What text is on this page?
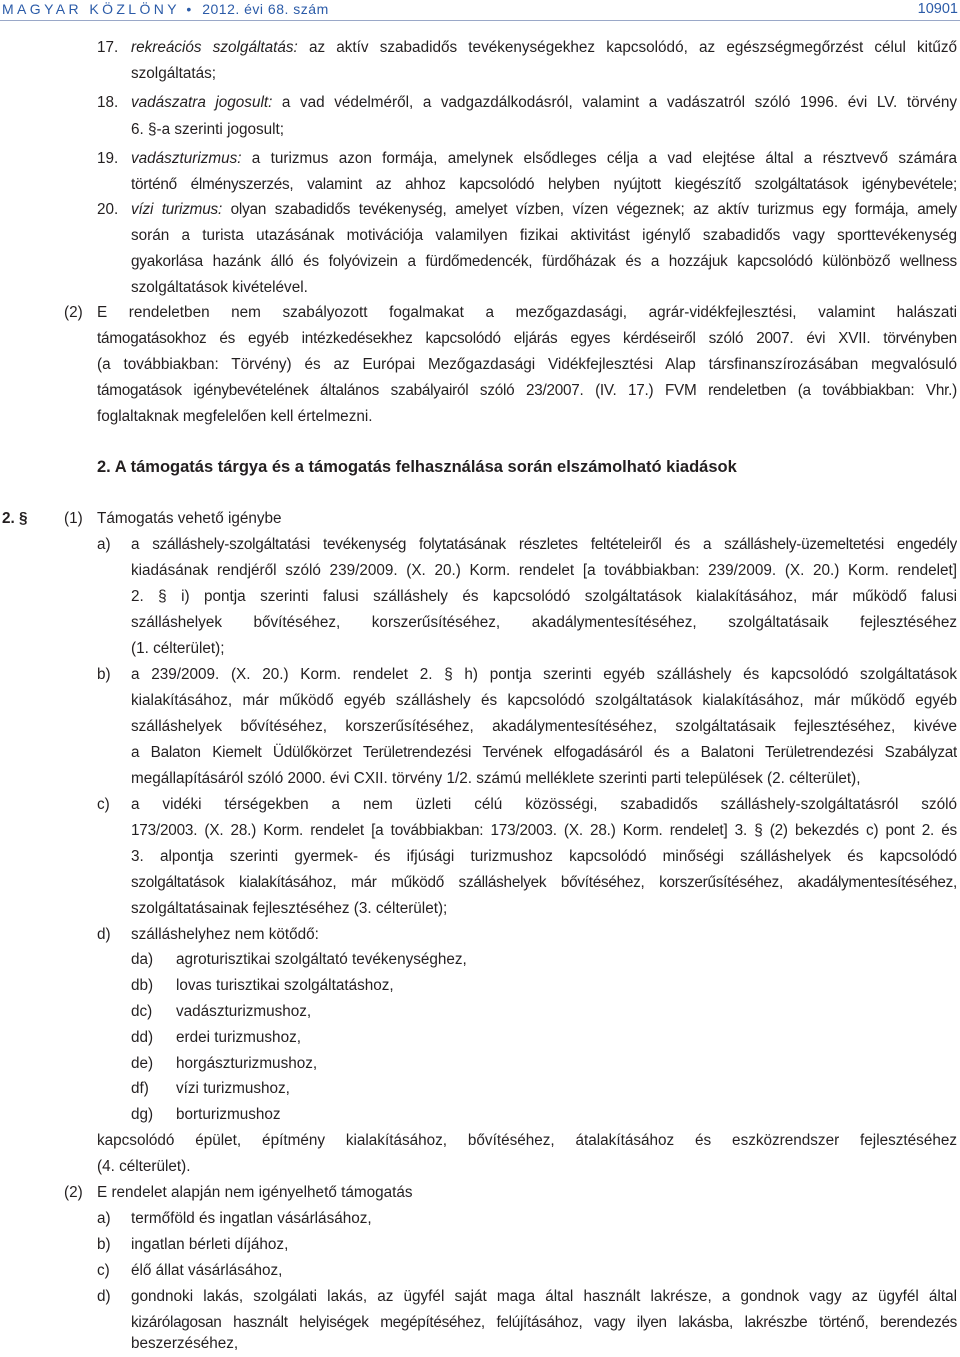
MAGYAR KÖZLÖNY • 2012. évi 68. szám	10901
17. rekreációs szolgáltatás: az aktív szabadidős tevékenységekhez kapcsolódó, az egészségmegőrzést célul kitűző
szolgáltatás;
18. vadászatra jogosult: a vad védelméről, a vadgazdálkodásról, valamint a vadászatról szóló 1996. évi LV. törvény
6. §-a szerinti jogosult;
19. vadászturizmus: a turizmus azon formája, amelynek elsődleges célja a vad elejtése által a résztvevő számára
történő élményszerzés, valamint az ahhoz kapcsolódó helyben nyújtott kiegészítő szolgáltatások igénybevétele;
20. vízi turizmus: olyan szabadidős tevékenység, amelyet vízben, vízen végeznek; az aktív turizmus egy formája, amely
során a turista utazásának motivációja valamilyen fizikai aktivitást igénylő szabadidős vagy sporttevékenység
gyakorlása hazánk álló és folyóvizein a fürdőmedencék, fürdőházak és a hozzájuk kapcsolódó különböző wellness
szolgáltatások kivételével.
(2) E rendeletben nem szabályozott fogalmakat a mezőgazdasági, agrár-vidékfejlesztési, valamint halászati
támogatásokhoz és egyéb intézkedésekhez kapcsolódó eljárás egyes kérdéseiről szóló 2007. évi XVII. törvényben
(a továbbiakban: Törvény) és az Európai Mezőgazdasági Vidékfejlesztési Alap társfinanszírozásában megvalósuló
támogatások igénybevételének általános szabályairól szóló 23/2007. (IV. 17.) FVM rendeletben (a továbbiakban: Vhr.)
foglaltaknak megfelelően kell értelmezni.
2. A támogatás tárgya és a támogatás felhasználása során elszámolható kiadások
2. § (1) Támogatás vehető igénybe
a) a szálláshely-szolgáltatási tevékenység folytatásának részletes feltételeiről és a szálláshely-üzemeltetési engedély
kiadásának rendjéről szóló 239/2009. (X. 20.) Korm. rendelet [a továbbiakban: 239/2009. (X. 20.) Korm. rendelet]
2. § i) pontja szerinti falusi szálláshely és kapcsolódó szolgáltatások kialakításához, már működő falusi
szálláshelyek bővítéséhez, korszerűsítéséhez, akadálymentesítéséhez, szolgáltatásaik fejlesztéséhez
(1. célterület);
b) a 239/2009. (X. 20.) Korm. rendelet 2. § h) pontja szerinti egyéb szálláshely és kapcsolódó szolgáltatások
kialakításához, már működő egyéb szálláshely és kapcsolódó szolgáltatások kialakításához, már működő egyéb
szálláshelyek bővítéséhez, korszerűsítéséhez, akadálymentesítéséhez, szolgáltatásaik fejlesztéséhez, kivéve
a Balaton Kiemelt Üdülőkörzet Területrendezési Tervének elfogadásáról és a Balatoni Területrendezési Szabályzat
megállapításáról szóló 2000. évi CXII. törvény 1/2. számú mellékletе szerinti parti települések (2. célterület),
c) a vidéki térségekben a nem üzleti célú közösségi, szabadidős szálláshely-szolgáltatásról szóló
173/2003. (X. 28.) Korm. rendelet [a továbbiakban: 173/2003. (X. 28.) Korm. rendelet] 3. § (2) bekezdés c) pont 2. és
3. alpontja szerinti gyermek- és ifjúsági turizmushoz kapcsolódó minőségi szálláshelyek és kapcsolódó
szolgáltatások kialakításához, már működő szálláshelyek bővítéséhez, korszerűsítéséhez, akadálymentesítéséhez,
szolgáltatásainak fejlesztéséhez (3. célterület);
d) szálláshelyhez nem kötődő:
da) agroturisztikai szolgáltató tevékenységhez,
db) lovas turisztikai szolgáltatáshoz,
dc) vadászturizmushoz,
dd) erdei turizmushoz,
de) horgászturizmushoz,
df) vízi turizmushoz,
dg) borturizmushoz
kapcsolódó épület, építmény kialakításához, bővítéséhez, átalakításához és eszközrendszer fejlesztéséhez
(4. célterület).
(2) E rendelet alapján nem igényelhető támogatás
a) termőföld és ingatlan vásárlásához,
b) ingatlan bérleti díjához,
c) élő állat vásárlásához,
d) gondnoki lakás, szolgálati lakás, az ügyfél saját maga által használt lakrésze, a gondnok vagy az ügyfél által
kizárólagosan használt helyiségek megépítéséhez, felújításához, vagy ilyen lakásba, lakrészbe történő, berendezés
beszerzéséhez,
